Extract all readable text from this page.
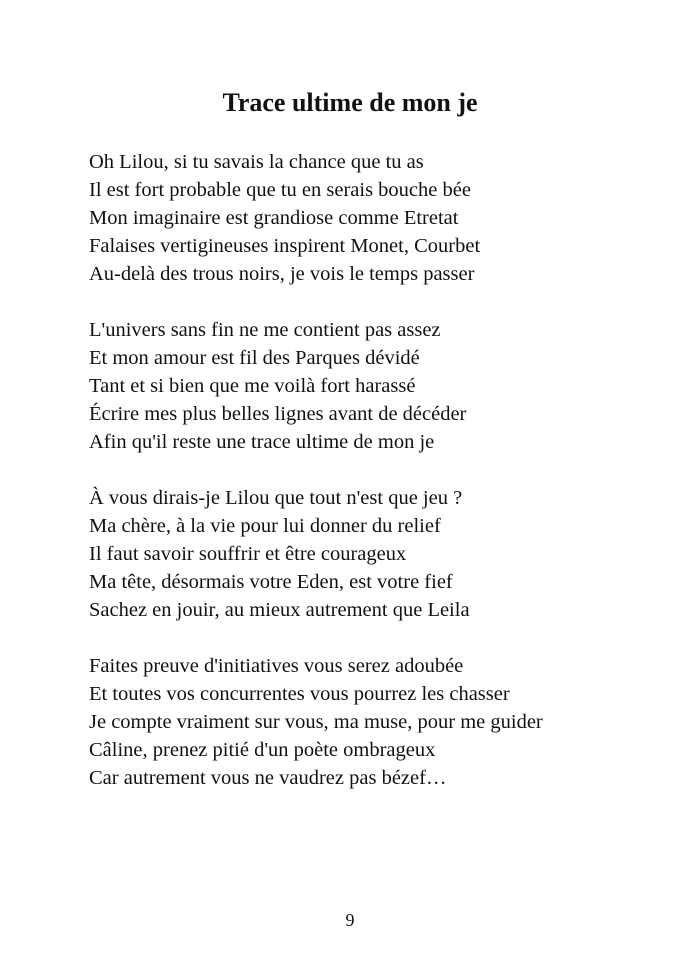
Trace ultime de mon je
Oh Lilou, si tu savais la chance que tu as
Il est fort probable que tu en serais bouche bée
Mon imaginaire est grandiose comme Etretat
Falaises vertigineuses inspirent Monet, Courbet
Au-delà des trous noirs, je vois le temps passer
L'univers sans fin ne me contient pas assez
Et mon amour est fil des Parques dévidé
Tant et si bien que me voilà fort harassé
Écrire mes plus belles lignes avant de décéder
Afin qu'il reste une trace ultime de mon je
À vous dirais-je Lilou que tout n'est que jeu ?
Ma chère, à la vie pour lui donner du relief
Il faut savoir souffrir et être courageux
Ma tête, désormais votre Eden, est votre fief
Sachez en jouir, au mieux autrement que Leila
Faites preuve d'initiatives vous serez adoubée
Et toutes vos concurrentes vous pourrez les chasser
Je compte vraiment sur vous, ma muse, pour me guider
Câline, prenez pitié d'un poète ombrageux
Car autrement vous ne vaudrez pas bézef…
9
